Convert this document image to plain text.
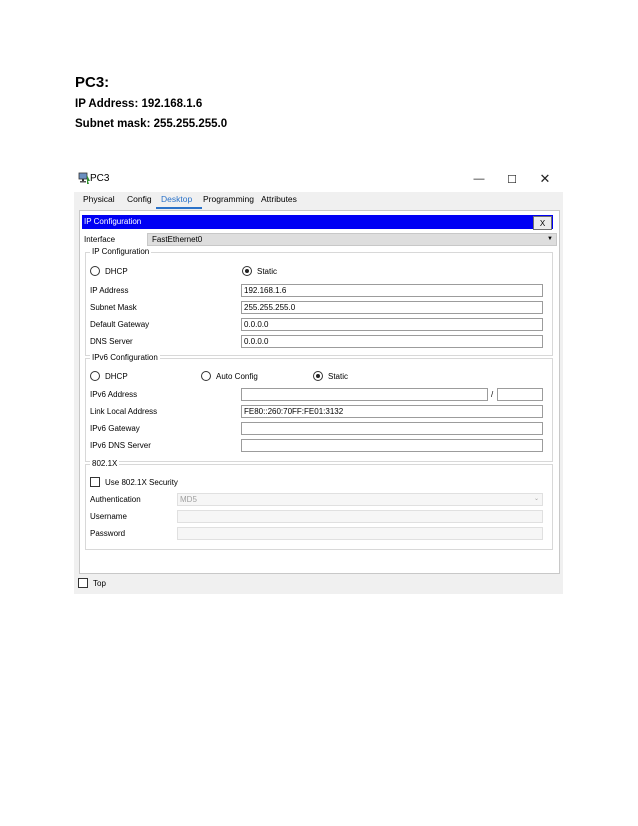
PC3:
IP Address: 192.168.1.6
Subnet mask: 255.255.255.0
PC3	— ☐ ✕
Physical Config Desktop Programming Attributes
IP Configuration	X
Interface	FastEthernet0	▼
IP Configuration
DHCP	Static
IP Address	192.168.1.6
Subnet Mask	255.255.255.0
Default Gateway	0.0.0.0
DNS Server	0.0.0.0
IPv6 Configuration
DHCP	Auto Config	Static
IPv6 Address	/
Link Local Address	FE80::260:70FF:FE01:3132
IPv6 Gateway
IPv6 DNS Server
802.1X
Use 802.1X Security
Authentication	MD5	⌄
Username
Password
Top
